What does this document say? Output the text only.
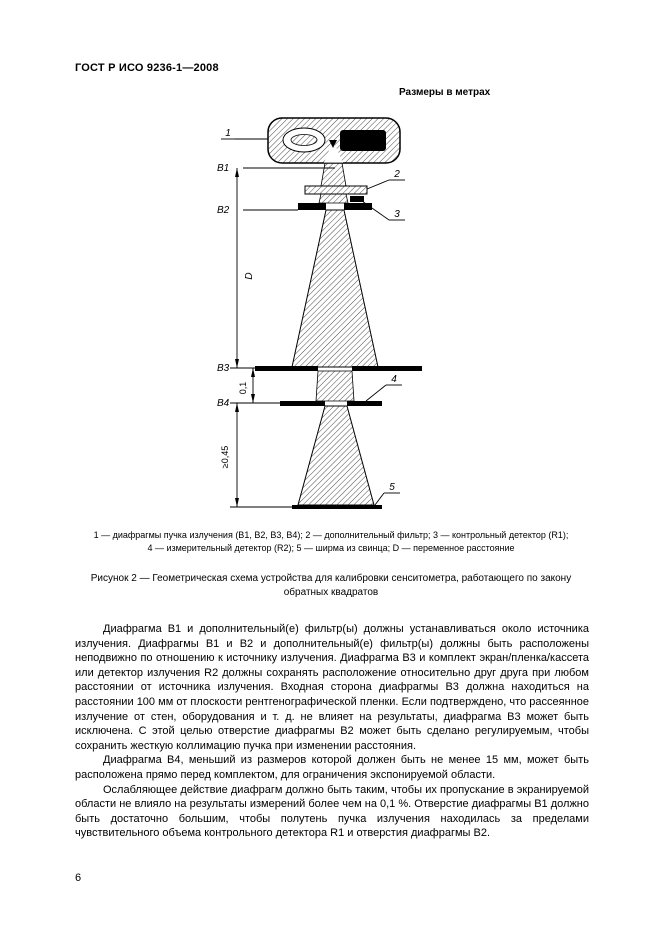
ГОСТ Р ИСО 9236-1—2008
Размеры в метрах
1
2
3
4
5
В1
В2
В3
В4
D
0,1
≥0,45
1 — диафрагмы пучка излучения (В1, В2, В3, В4); 2 — дополнительный фильтр; 3 — контрольный детектор (R1);
4 — измерительный детектор (R2); 5 — ширма из свинца; D — переменное расстояние
Рисунок 2 — Геометрическая схема устройства для калибровки сенситометра, работающего по закону обратных квадратов

Диафрагма В1 и дополнительный(е) фильтр(ы) должны устанавливаться около источника излучения. Диафрагмы В1 и В2 и дополнительный(е) фильтр(ы) должны быть расположены неподвижно по отношению к источнику излучения. Диафрагма В3 и комплект экран/пленка/кассета или детектор излучения R2 должны сохранять расположение относительно друг друга при любом расстоянии от источника излучения. Входная сторона диафрагмы В3 должна находиться на расстоянии 100 мм от плоскости рентгенографической пленки. Если подтверждено, что рассеянное излучение от стен, оборудования и т. д. не влияет на результаты, диафрагма В3 может быть исключена. С этой целью отверстие диафрагмы В2 может быть сделано регулируемым, чтобы сохранить жесткую коллимацию пучка при изменении расстояния.

Диафрагма В4, меньший из размеров которой должен быть не менее 15 мм, может быть расположена прямо перед комплектом, для ограничения экспонируемой области.

Ослабляющее действие диафрагм должно быть таким, чтобы их пропускание в экранируемой области не влияло на результаты измерений более чем на 0,1 %. Отверстие диафрагмы В1 должно быть достаточно большим, чтобы полутень пучка излучения находилась за пределами чувствительного объема контрольного детектора R1 и отверстия диафрагмы В2.

6
